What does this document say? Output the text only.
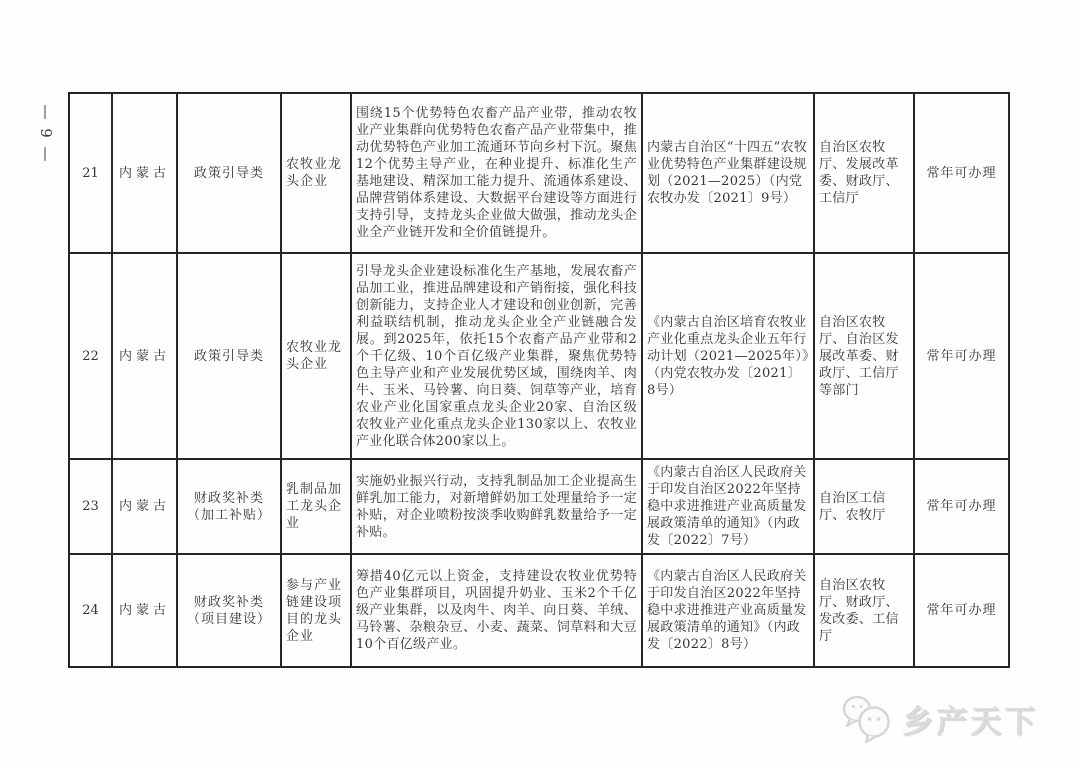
— 9 —
21	内蒙古	政策引导类	农牧业龙头企业	围绕15个优势特色农畜产品产业带，推动农牧业产业集群向优势特色农畜产品产业带集中，推动优势特色产业加工流通环节向乡村下沉。聚焦12个优势主导产业，在种业提升、标准化生产基地建设、精深加工能力提升、流通体系建设、品牌营销体系建设、大数据平台建设等方面进行支持引导，支持龙头企业做大做强，推动龙头企业全产业链开发和全价值链提升。	内蒙古自治区“十四五”农牧业优势特色产业集群建设规划（2021—2025）（内党农牧办发〔2021〕9号）	自治区农牧厅、发展改革委、财政厅、工信厅	常年可办理
22	内蒙古	政策引导类	农牧业龙头企业	引导龙头企业建设标准化生产基地，发展农畜产品加工业，推进品牌建设和产销衔接，强化科技创新能力，支持企业人才建设和创业创新，完善利益联结机制，推动龙头企业全产业链融合发展。到2025年，依托15个农畜产品产业带和2个千亿级、10个百亿级产业集群，聚焦优势特色主导产业和产业发展优势区域，围绕肉羊、肉牛、玉米、马铃薯、向日葵、饲草等产业，培育农业产业化国家重点龙头企业20家、自治区级农牧业产业化重点龙头企业130家以上、农牧业产业化联合体200家以上。	《内蒙古自治区培育农牧业产业化重点龙头企业五年行动计划（2021—2025年）》（内党农牧办发〔2021〕8号）	自治区农牧厅、自治区发展改革委、财政厅、工信厅等部门	常年可办理
23	内蒙古	财政奖补类（加工补贴）	乳制品加工龙头企业	实施奶业振兴行动，支持乳制品加工企业提高生鲜乳加工能力，对新增鲜奶加工处理量给予一定补贴，对企业喷粉按淡季收购鲜乳数量给予一定补贴。	《内蒙古自治区人民政府关于印发自治区2022年坚持稳中求进推进产业高质量发展政策清单的通知》（内政发〔2022〕7号）	自治区工信厅、农牧厅	常年可办理
24	内蒙古	财政奖补类（项目建设）	参与产业链建设项目的龙头企业	筹措40亿元以上资金，支持建设农牧业优势特色产业集群项目，巩固提升奶业、玉米2个千亿级产业集群，以及肉牛、肉羊、向日葵、羊绒、马铃薯、杂粮杂豆、小麦、蔬菜、饲草料和大豆10个百亿级产业。	《内蒙古自治区人民政府关于印发自治区2022年坚持稳中求进推进产业高质量发展政策清单的通知》（内政发〔2022〕8号）	自治区农牧厅、财政厅、发改委、工信厅	常年可办理
乡产天下
